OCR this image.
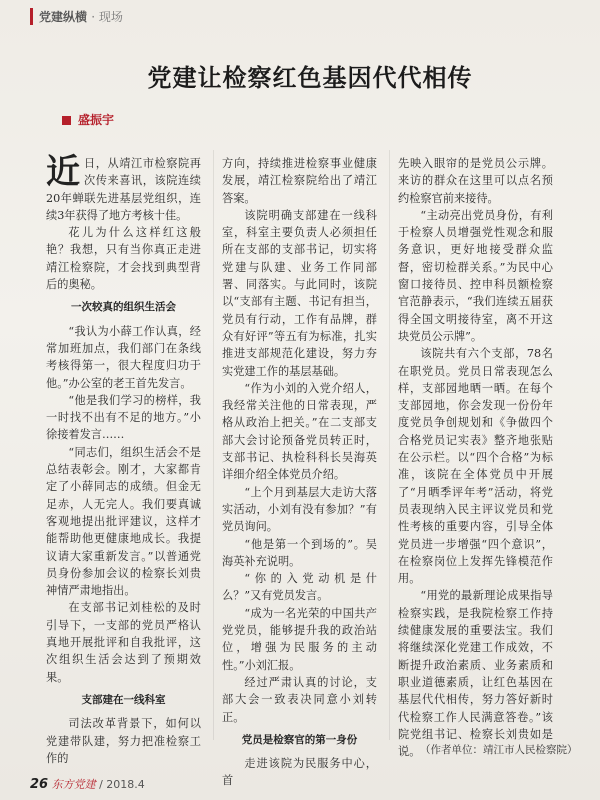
党建纵横 · 现场
党建让检察红色基因代代相传
盛振宇

近日，从靖江市检察院再次传来喜讯，该院连续20年蝉联先进基层党组织，连续3年获得了地方考核十佳。

花儿为什么这样红这般艳？我想，只有当你真正走进靖江检察院，才会找到典型背后的奥秘。

一次较真的组织生活会

“我认为小薛工作认真，经常加班加点，我们部门在条线考核得第一，很大程度归功于他。”办公室的老王首先发言。

“他是我们学习的榜样，我一时找不出有不足的地方。”小徐接着发言……

“同志们，组织生活会不是总结表彰会。刚才，大家都肯定了小薛同志的成绩。但金无足赤，人无完人。我们要真诚客观地提出批评建议，这样才能帮助他更健康地成长。我提议请大家重新发言。”以普通党员身份参加会议的检察长刘贵神情严肃地指出。

在支部书记刘桂松的及时引导下，一支部的党员严格认真地开展批评和自我批评，这次组织生活会达到了预期效果。

支部建在一线科室

司法改革背景下，如何以党建带队建，努力把准检察工作的

方向，持续推进检察事业健康发展，靖江检察院给出了靖江答案。

该院明确支部建在一线科室，科室主要负责人必须担任所在支部的支部书记，切实将党建与队建、业务工作同部署、同落实。与此同时，该院以“支部有主题、书记有担当，党员有行动，工作有品牌，群众有好评”等五有为标准，扎实推进支部规范化建设，努力夯实党建工作的基层基础。

“作为小刘的入党介绍人，我经常关注他的日常表现，严格从政治上把关。”在二支部支部大会讨论预备党员转正时，支部书记、执检科科长吴海英详细介绍全体党员介绍。

“上个月到基层大走访大落实活动，小刘有没有参加？”有党员询问。

“他是第一个到场的”。吴海英补充说明。

“你的入党动机是什么？”又有党员发言。

“成为一名光荣的中国共产党党员，能够提升我的政治站位，增强为民服务的主动性。”小刘汇报。

经过严肃认真的讨论，支部大会一致表决同意小刘转正。

党员是检察官的第一身份

走进该院为民服务中心，首

先映入眼帘的是党员公示牌。来访的群众在这里可以点名预约检察官前来接待。

“主动亮出党员身份，有利于检察人员增强党性观念和服务意识，更好地接受群众监督，密切检群关系。”为民中心窗口接待员、控申科员额检察官范静表示，“我们连续五届获得全国文明接待室，离不开这块党员公示牌”。

该院共有六个支部，78名在职党员。党员日常表现怎么样，支部园地晒一晒。在每个支部园地，你会发现一份份年度党员争创规划和《争做四个合格党员记实表》整齐地张贴在公示栏。以“四个合格”为标准，该院在全体党员中开展了“月晒季评年考”活动，将党员表现纳入民主评议党员和党性考核的重要内容，引导全体党员进一步增强“四个意识”，在检察岗位上发挥先锋模范作用。

“用党的最新理论成果指导检察实践，是我院检察工作持续健康发展的重要法宝。我们将继续深化党建工作成效，不断提升政治素质、业务素质和职业道德素质，让红色基因在基层代代相传，努力答好新时代检察工作人民满意答卷。”该院党组书记、检察长刘贵如是说。 （作者单位：靖江市人民检察院）
26 东方党建 / 2018.4
